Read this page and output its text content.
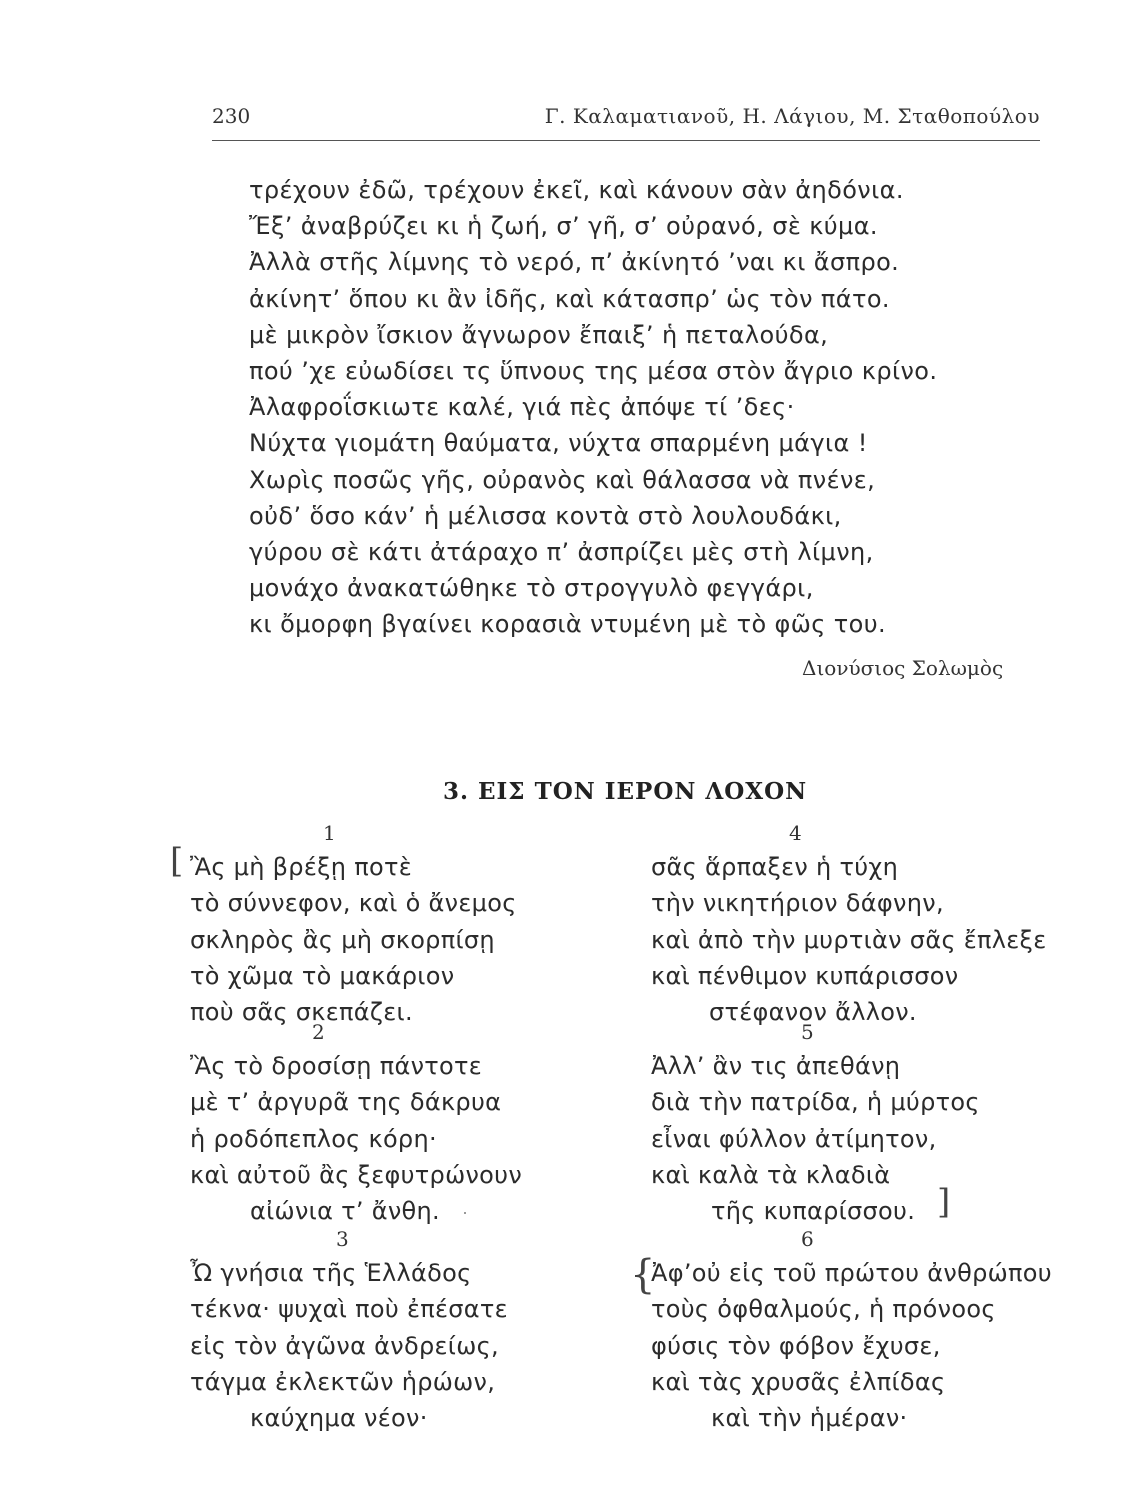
230	Γ. Καλαματιανοῦ, Η. Λάγιου, Μ. Σταθοπούλου
τρέχουν ἐδῶ, τρέχουν ἐκεῖ, καὶ κάνουν σὰν ἀηδόνια.
Ἔξ’ ἀναβρύζει κι ἡ ζωή, σ’ γῆ, σ’ οὐρανό, σὲ κύμα.
Ἀλλὰ στῆς λίμνης τὸ νερό, π’ ἀκίνητό ’ναι κι ἄσπρο.
ἀκίνητ’ ὅπου κι ἂν ἰδῆς, καὶ κάτασπρ’ ὡς τὸν πάτο.
μὲ μικρὸν ἴσκιον ἄγνωρον ἔπαιξ’ ἡ πεταλούδα,
πού ’χε εὐωδίσει τς ὕπνους της μέσα στὸν ἄγριο κρίνο.
Ἀλαφροΐσκιωτε καλέ, γιά πὲς ἀπόψε τί ’δες·
Νύχτα γιομάτη θαύματα, νύχτα σπαρμένη μάγια !
Χωρὶς ποσῶς γῆς, οὐρανὸς καὶ θάλασσα νὰ πνένε,
οὐδ’ ὅσο κάν’ ἡ μέλισσα κοντὰ στὸ λουλουδάκι,
γύρου σὲ κάτι ἀτάραχο π’ ἀσπρίζει μὲς στὴ λίμνη,
μονάχο ἀνακατώθηκε τὸ στρογγυλὸ φεγγάρι,
κι ὄμορφη βγαίνει κορασιὰ ντυμένη μὲ τὸ φῶς του.
Διονύσιος Σολωμὸς
3. ΕΙΣ ΤΟΝ ΙΕΡΟΝ ΛΟΧΟΝ
1
Ἂς μὴ βρέξῃ ποτὲ
τὸ σύννεφον, καὶ ὁ ἄνεμος
σκληρὸς ἂς μὴ σκορπίσῃ
τὸ χῶμα τὸ μακάριον
ποὺ σᾶς σκεπάζει.
2
Ἂς τὸ δροσίσῃ πάντοτε
μὲ τ’ ἀργυρᾶ της δάκρυα
ἡ ροδόπεπλος κόρη·
καὶ αὐτοῦ ἂς ξεφυτρώνουν
αἰώνια τ’ ἄνθη.
3
Ὦ γνήσια τῆς Ἑλλάδος
τέκνα· ψυχαὶ ποὺ ἐπέσατε
εἰς τὸν ἀγῶνα ἀνδρείως,
τάγμα ἐκλεκτῶν ἡρώων,
καύχημα νέον·
4
σᾶς ἅρπαξεν ἡ τύχη
τὴν νικητήριον δάφνην,
καὶ ἀπὸ τὴν μυρτιὰν σᾶς ἔπλεξε
καὶ πένθιμον κυπάρισσον
στέφανον ἄλλον.
5
Ἀλλ’ ἂν τις ἀπεθάνῃ
διὰ τὴν πατρίδα, ἡ μύρτος
εἶναι φύλλον ἀτίμητον,
καὶ καλὰ τὰ κλαδιὰ
τῆς κυπαρίσσου.
6
Ἀφ’οὐ εἰς τοῦ πρώτου ἀνθρώπου
τοὺς ὀφθαλμούς, ἡ πρόνοος
φύσις τὸν φόβον ἔχυσε,
καὶ τὰς χρυσᾶς ἐλπίδας
καὶ τὴν ἡμέραν·
[
]
{
